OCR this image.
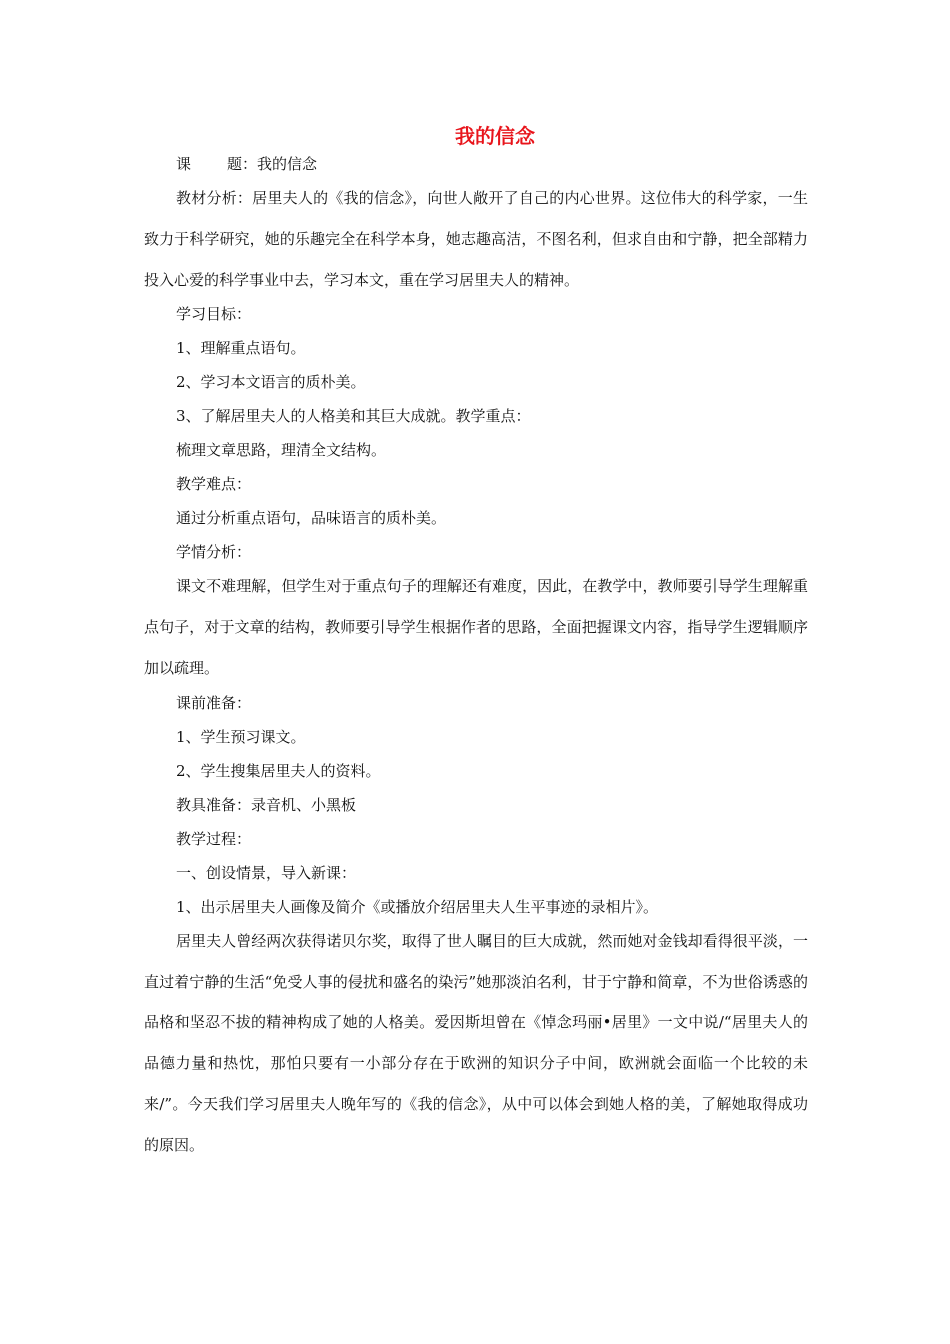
我的信念

课 题：我的信念

教材分析：居里夫人的《我的信念》，向世人敞开了自己的内心世界。这位伟大的科学家，一生致力于科学研究，她的乐趣完全在科学本身，她志趣高洁，不图名利，但求自由和宁静，把全部精力投入心爱的科学事业中去，学习本文，重在学习居里夫人的精神。

学习目标：

1、理解重点语句。

2、学习本文语言的质朴美。

3、了解居里夫人的人格美和其巨大成就。教学重点：

梳理文章思路，理清全文结构。

教学难点：

通过分析重点语句，品味语言的质朴美。

学情分析：

课文不难理解，但学生对于重点句子的理解还有难度，因此，在教学中，教师要引导学生理解重点句子，对于文章的结构，教师要引导学生根据作者的思路，全面把握课文内容，指导学生逻辑顺序加以疏理。

课前准备：

1、学生预习课文。

2、学生搜集居里夫人的资料。

教具准备：录音机、小黑板

教学过程：

一、创设情景，导入新课：

1、出示居里夫人画像及简介《或播放介绍居里夫人生平事迹的录相片》。

居里夫人曾经两次获得诺贝尔奖，取得了世人瞩目的巨大成就，然而她对金钱却看得很平淡，一直过着宁静的生活“免受人事的侵扰和盛名的染污”她那淡泊名利，甘于宁静和简章，不为世俗诱惑的品格和坚忍不拔的精神构成了她的人格美。爱因斯坦曾在《悼念玛丽•居里》一文中说/“居里夫人的品德力量和热忱，那怕只要有一小部分存在于欧洲的知识分子中间，欧洲就会面临一个比较的未来/”。今天我们学习居里夫人晚年写的《我的信念》，从中可以体会到她人格的美，了解她取得成功的原因。
